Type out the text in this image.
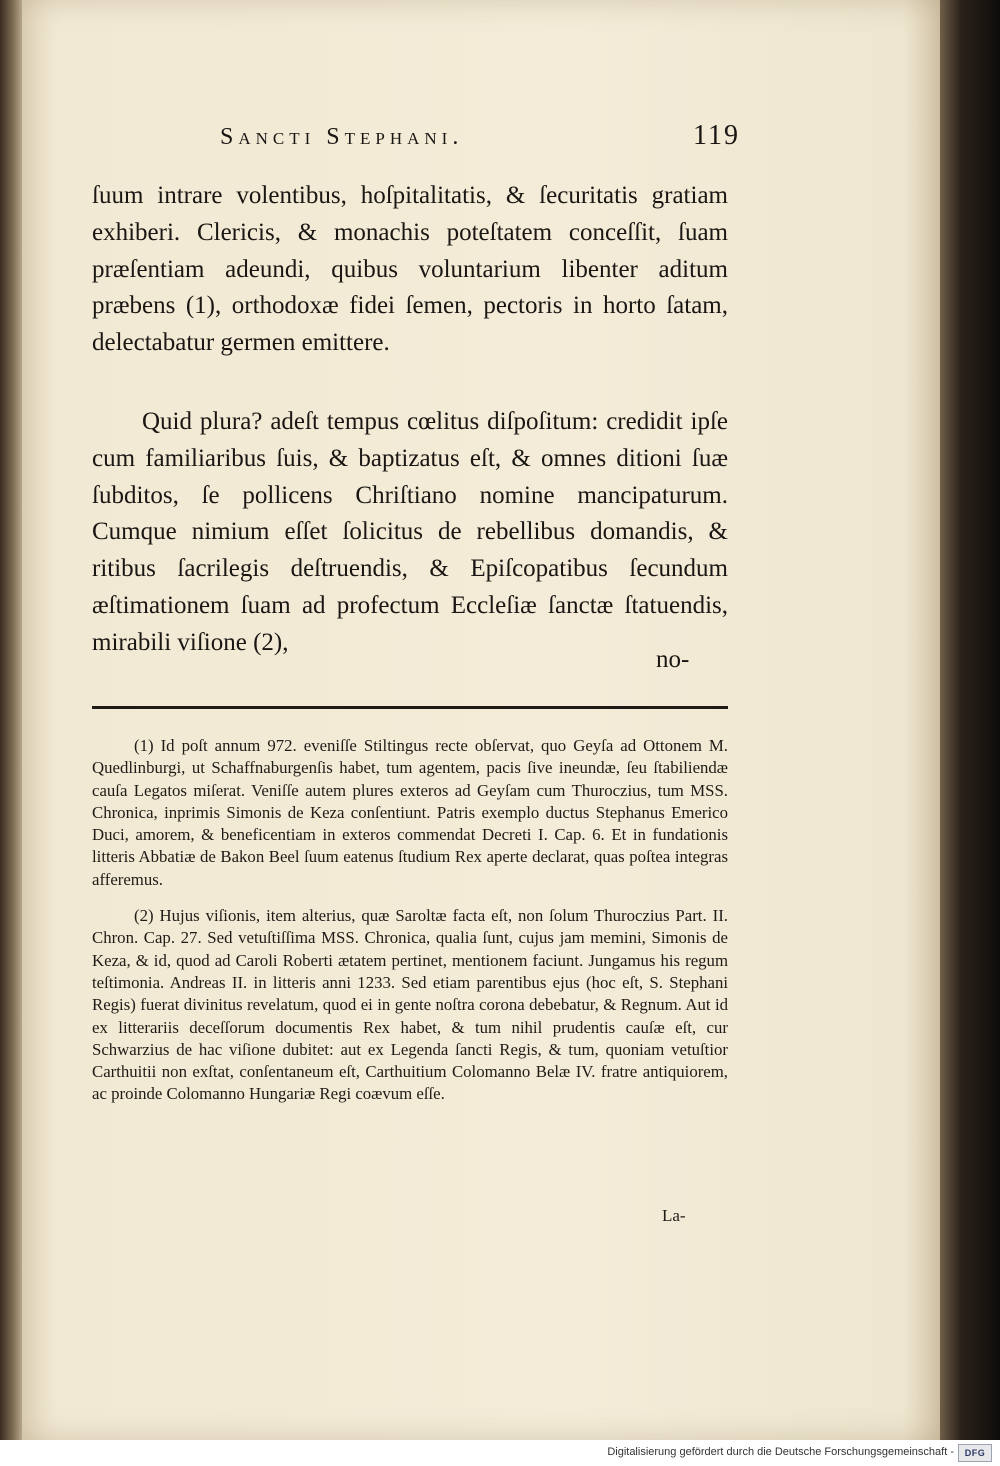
Sancti Stephani.	119

ſuum intrare volentibus, hoſpitalitatis, & ſecuritatis gratiam exhiberi. Clericis, & monachis poteſtatem conceſſit, ſuam præſentiam adeundi, quibus voluntarium libenter aditum præbens (1), orthodoxæ fidei ſemen, pectoris in horto ſatam, delectabatur germen emittere.

Quid plura? adeſt tempus cœlitus diſpoſitum: credidit ipſe cum familiaribus ſuis, & baptizatus eſt, & omnes ditioni ſuæ ſubditos, ſe pollicens Chriſtiano nomine mancipaturum. Cumque nimium eſſet ſolicitus de rebellibus domandis, & ritibus ſacrilegis deſtruendis, & Epiſcopatibus ſecundum æſtimationem ſuam ad profectum Eccleſiæ ſanctæ ſtatuendis, mirabili viſione (2),

no-

(1) Id poſt annum 972. eveniſſe Stiltingus recte obſervat, quo Geyſa ad Ottonem M. Quedlinburgi, ut Schaffnaburgenſis habet, tum agentem, pacis ſive ineundæ, ſeu ſtabiliendæ cauſa Legatos miſerat. Veniſſe autem plures exteros ad Geyſam cum Thuroczius, tum MSS. Chronica, inprimis Simonis de Keza conſentiunt. Patris exemplo ductus Stephanus Emerico Duci, amorem, & beneficentiam in exteros commendat Decreti I. Cap. 6. Et in fundationis litteris Abbatiæ de Bakon Beel ſuum eatenus ſtudium Rex aperte declarat, quas poſtea integras afferemus.

(2) Hujus viſionis, item alterius, quæ Saroltæ facta eſt, non ſolum Thuroczius Part. II. Chron. Cap. 27. Sed vetuſtiſſima MSS. Chronica, qualia ſunt, cujus jam memini, Simonis de Keza, & id, quod ad Caroli Roberti ætatem pertinet, mentionem faciunt. Jungamus his regum teſtimonia. Andreas II. in litteris anni 1233. Sed etiam parentibus ejus (hoc eſt, S. Stephani Regis) fuerat divinitus revelatum, quod ei in gente noſtra corona debebatur, & Regnum. Aut id ex litterariis deceſſorum documentis Rex habet, & tum nihil prudentis cauſæ eſt, cur Schwarzius de hac viſione dubitet: aut ex Legenda ſancti Regis, & tum, quoniam vetuſtior Carthuitii non exſtat, conſentaneum eſt, Carthuitium Colomanno Belæ IV. fratre antiquiorem, ac proinde Colomanno Hungariæ Regi coævum eſſe.

La-
Digitalisierung gefördert durch die Deutsche Forschungsgemeinschaft -	DFG
